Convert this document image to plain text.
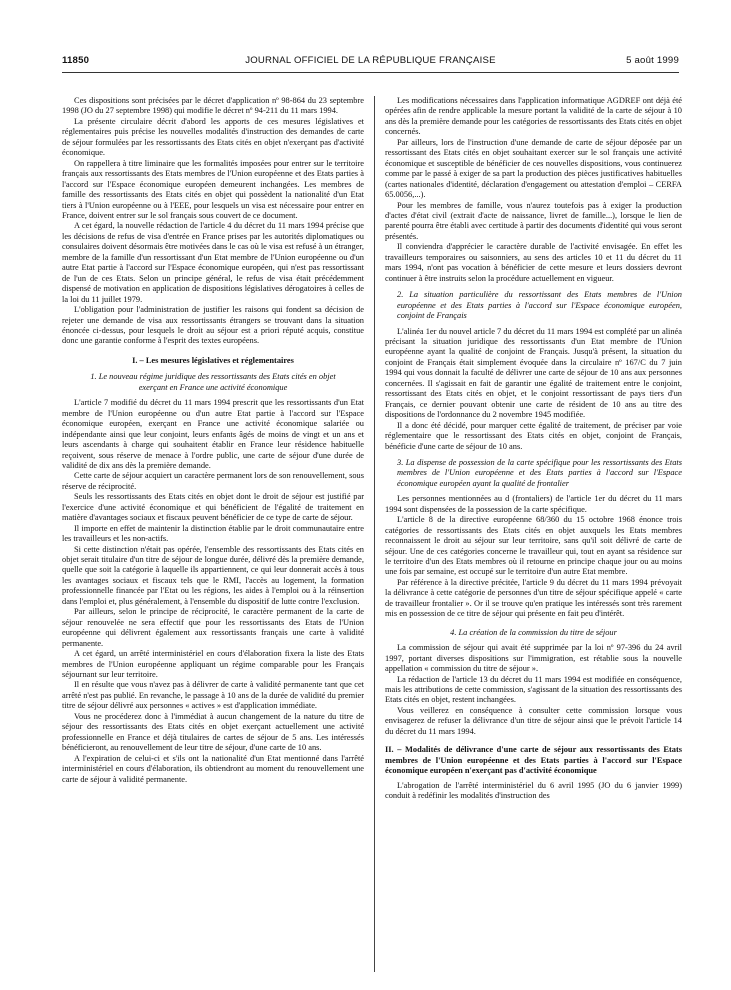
11850	JOURNAL OFFICIEL DE LA RÉPUBLIQUE FRANÇAISE	5 août 1999

Ces dispositions sont précisées par le décret d'application nº 98-864 du 23 septembre 1998 (JO du 27 septembre 1998) qui modifie le décret nº 94-211 du 11 mars 1994.

La présente circulaire décrit d'abord les apports de ces mesures législatives et réglementaires puis précise les nouvelles modalités d'instruction des demandes de carte de séjour formulées par les ressortissants des Etats cités en objet n'exerçant pas d'activité économique.

On rappellera à titre liminaire que les formalités imposées pour entrer sur le territoire français aux ressortissants des Etats membres de l'Union européenne et des Etats parties à l'accord sur l'Espace économique européen demeurent inchangées. Les membres de famille des ressortissants des Etats cités en objet qui possèdent la nationalité d'un Etat tiers à l'Union européenne ou à l'EEE, pour lesquels un visa est nécessaire pour entrer en France, doivent entrer sur le sol français sous couvert de ce document.

A cet égard, la nouvelle rédaction de l'article 4 du décret du 11 mars 1994 précise que les décisions de refus de visa d'entrée en France prises par les autorités diplomatiques ou consulaires doivent désormais être motivées dans le cas où le visa est refusé à un étranger, membre de la famille d'un ressortissant d'un Etat membre de l'Union européenne ou d'un autre Etat partie à l'accord sur l'Espace économique européen, qui n'est pas ressortissant de l'un de ces Etats. Selon un principe général, le refus de visa était précédemment dispensé de motivation en application de dispositions législatives dérogatoires à celles de la loi du 11 juillet 1979.

L'obligation pour l'administration de justifier les raisons qui fondent sa décision de rejeter une demande de visa aux ressortissants étrangers se trouvant dans la situation énoncée ci-dessus, pour lesquels le droit au séjour est a priori réputé acquis, constitue donc une garantie conforme à l'esprit des textes européens.

I. – Les mesures législatives et réglementaires
1. Le nouveau régime juridique des ressortissants des Etats cités en objet exerçant en France une activité économique

L'article 7 modifié du décret du 11 mars 1994 prescrit que les ressortissants d'un Etat membre de l'Union européenne ou d'un autre Etat partie à l'accord sur l'Espace économique européen, exerçant en France une activité économique salariée ou indépendante ainsi que leur conjoint, leurs enfants âgés de moins de vingt et un ans et leurs ascendants à charge qui souhaitent établir en France leur résidence habituelle reçoivent, sous réserve de menace à l'ordre public, une carte de séjour d'une durée de validité de dix ans dès la première demande.

Cette carte de séjour acquiert un caractère permanent lors de son renouvellement, sous réserve de réciprocité.

Seuls les ressortissants des Etats cités en objet dont le droit de séjour est justifié par l'exercice d'une activité économique et qui bénéficient de l'égalité de traitement en matière d'avantages sociaux et fiscaux peuvent bénéficier de ce type de carte de séjour.

Il importe en effet de maintenir la distinction établie par le droit communautaire entre les travailleurs et les non-actifs.

Si cette distinction n'était pas opérée, l'ensemble des ressortissants des Etats cités en objet serait titulaire d'un titre de séjour de longue durée, délivré dès la première demande, quelle que soit la catégorie à laquelle ils appartiennent, ce qui leur donnerait accès à tous les avantages sociaux et fiscaux tels que le RMI, l'accès au logement, la formation professionnelle financée par l'Etat ou les régions, les aides à l'emploi ou à la réinsertion dans l'emploi et, plus généralement, à l'ensemble du dispositif de lutte contre l'exclusion.

Par ailleurs, selon le principe de réciprocité, le caractère permanent de la carte de séjour renouvelée ne sera effectif que pour les ressortissants des Etats de l'Union européenne qui délivrent également aux ressortissants français une carte à validité permanente.

A cet égard, un arrêté interministériel en cours d'élaboration fixera la liste des Etats membres de l'Union européenne appliquant un régime comparable pour les Français séjournant sur leur territoire.

Il en résulte que vous n'avez pas à délivrer de carte à validité permanente tant que cet arrêté n'est pas publié. En revanche, le passage à 10 ans de la durée de validité du premier titre de séjour délivré aux personnes « actives » est d'application immédiate.

Vous ne procéderez donc à l'immédiat à aucun changement de la nature du titre de séjour des ressortissants des Etats cités en objet exerçant actuellement une activité professionnelle en France et déjà titulaires de cartes de séjour de 5 ans. Les intéressés bénéficieront, au renouvellement de leur titre de séjour, d'une carte de 10 ans.

A l'expiration de celui-ci et s'ils ont la nationalité d'un Etat mentionné dans l'arrêté interministériel en cours d'élaboration, ils obtiendront au moment du renouvellement une carte de séjour à validité permanente.

Les modifications nécessaires dans l'application informatique AGDREF ont déjà été opérées afin de rendre applicable la mesure portant la validité de la carte de séjour à 10 ans dès la première demande pour les catégories de ressortissants des Etats cités en objet concernés.

Par ailleurs, lors de l'instruction d'une demande de carte de séjour déposée par un ressortissant des Etats cités en objet souhaitant exercer sur le sol français une activité économique et susceptible de bénéficier de ces nouvelles dispositions, vous continuerez comme par le passé à exiger de sa part la production des pièces justificatives habituelles (cartes nationales d'identité, déclaration d'engagement ou attestation d'emploi – CERFA 65.0056,...).

Pour les membres de famille, vous n'aurez toutefois pas à exiger la production d'actes d'état civil (extrait d'acte de naissance, livret de famille...), lorsque le lien de parenté pourra être établi avec certitude à partir des documents d'identité qui vous seront présentés.

Il conviendra d'apprécier le caractère durable de l'activité envisagée. En effet les travailleurs temporaires ou saisonniers, au sens des articles 10 et 11 du décret du 11 mars 1994, n'ont pas vocation à bénéficier de cette mesure et leurs dossiers devront continuer à être instruits selon la procédure actuellement en vigueur.

2. La situation particulière du ressortissant des Etats membres de l'Union européenne et des Etats parties à l'accord sur l'Espace économique européen, conjoint de Français

L'alinéa 1er du nouvel article 7 du décret du 11 mars 1994 est complété par un alinéa précisant la situation juridique des ressortissants d'un Etat membre de l'Union européenne ayant la qualité de conjoint de Français. Jusqu'à présent, la situation du conjoint de Français était simplement évoquée dans la circulaire nº 167/C du 7 juin 1994 qui vous donnait la faculté de délivrer une carte de séjour de 10 ans aux personnes concernées. Il s'agissait en fait de garantir une égalité de traitement entre le conjoint, ressortissant des Etats cités en objet, et le conjoint ressortissant de pays tiers d'un Français, ce dernier pouvant obtenir une carte de résident de 10 ans au titre des dispositions de l'ordonnance du 2 novembre 1945 modifiée.

Il a donc été décidé, pour marquer cette égalité de traitement, de préciser par voie réglementaire que le ressortissant des Etats cités en objet, conjoint de Français, bénéficie d'une carte de séjour de 10 ans.

3. La dispense de possession de la carte spécifique pour les ressortissants des Etats membres de l'Union européenne et des Etats parties à l'accord sur l'Espace économique européen ayant la qualité de frontalier

Les personnes mentionnées au d (frontaliers) de l'article 1er du décret du 11 mars 1994 sont dispensées de la possession de la carte spécifique.

L'article 8 de la directive européenne 68/360 du 15 octobre 1968 énonce trois catégories de ressortissants des Etats cités en objet auxquels les Etats membres reconnaissent le droit au séjour sur leur territoire, sans qu'il soit délivré de carte de séjour. Une de ces catégories concerne le travailleur qui, tout en ayant sa résidence sur le territoire d'un des Etats membres où il retourne en principe chaque jour ou au moins une fois par semaine, est occupé sur le territoire d'un autre Etat membre.

Par référence à la directive précitée, l'article 9 du décret du 11 mars 1994 prévoyait la délivrance à cette catégorie de personnes d'un titre de séjour spécifique appelé « carte de travailleur frontalier ». Or il se trouve qu'en pratique les intéressés sont très rarement mis en possession de ce titre de séjour qui présente en fait peu d'intérêt.

4. La création de la commission du titre de séjour

La commission de séjour qui avait été supprimée par la loi nº 97-396 du 24 avril 1997, portant diverses dispositions sur l'immigration, est rétablie sous la nouvelle appellation « commission du titre de séjour ».

La rédaction de l'article 13 du décret du 11 mars 1994 est modifiée en conséquence, mais les attributions de cette commission, s'agissant de la situation des ressortissants des Etats cités en objet, restent inchangées.

Vous veillerez en conséquence à consulter cette commission lorsque vous envisagerez de refuser la délivrance d'un titre de séjour ainsi que le prévoit l'article 14 du décret du 11 mars 1994.

II. – Modalités de délivrance d'une carte de séjour aux ressortissants des Etats membres de l'Union européenne et des Etats parties à l'accord sur l'Espace économique européen n'exerçant pas d'activité économique

L'abrogation de l'arrêté interministériel du 6 avril 1995 (JO du 6 janvier 1999) conduit à redéfinir les modalités d'instruction des
